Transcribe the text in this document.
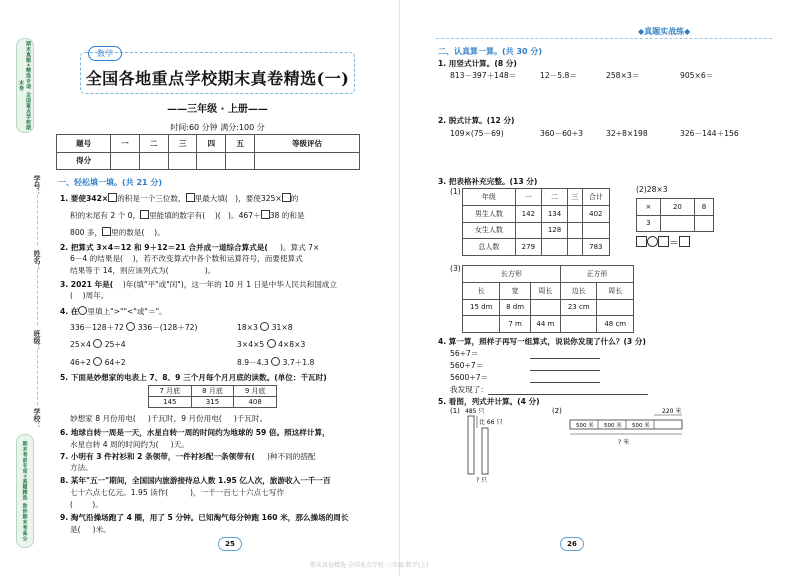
期末真题+精选专项 全国重点学校期末卷
学号：
姓名：
班级：
学校：
期末考前专项+真题精选 助你期末考高分
数学
全国各地重点学校期末真卷精选(一)
——三年级 · 上册——
时间:60 分钟 满分:100 分
题号	一	二	三	四	五	等级评估
得分						
一、轻松填一填。(共 21 分)
1. 要使342× 的积是一个三位数， 里最大填( )，要使325× 的
积的末尾有 2 个 0， 里能填的数字有( )( )。467＋ 38 的和是
800 多， 里的数是( )。
2. 把算式 3×4＝12 和 9＋12＝21 合并成一道综合算式是( )。算式 7×
6－4 的结果是( )，若不改变算式中各个数和运算符号，而要使算式
结果等于 14，则应该列式为(	)。
3. 2021 年是( )年(填"平"或"闰")，这一年的 10 月 1 日是中华人民共和国成立
( )周年。
4. 在 里填上">""<"或"＝"。
336－128＋72 336－(128＋72)	18×3 31×8
25×4 25÷4	3×4×5 4×8×3
46÷2 64÷2	8.9－4.3 3.7＋1.8
5. 下面是妙想家的电表上 7、8、9 三个月每个月月底的读数。(单位：千瓦时)
7 月底	8 月底	9 月底
145	315	408
妙想家 8 月份用电( )千瓦时，9 月份用电( )千瓦时。
6. 地球自转一周是一天，水星自转一周的时间约为地球的 59 倍。照这样计算，
水星自转 4 周的时间约为( )天。
7. 小明有 3 件衬衫和 2 条领带，一件衬衫配一条领带有( )种不同的搭配
方法。
8. 某年"五一"期间，全国国内旅游接待总人数 1.95 亿人次，旅游收入一千一百
七十六点七亿元。1.95 读作(	)，一千一百七十六点七写作
(	)。
9. 淘气沿操场跑了 4 圈，用了 5 分钟。已知淘气每分钟跑 160 米，那么操场的周长
是( )米。
25
期末真卷精选·全国重点学校·三年级·数学(上)
◆真题实战练◆
二、认真算一算。(共 30 分)
1. 用竖式计算。(8 分)
813－397＋148＝	12－5.8＝	258×3＝	905×6＝
2. 脱式计算。(12 分)
109×(75－69)	360－60÷3	32÷8×198	326－144＋156
3. 把表格补充完整。(13 分)
(1)
年级	一	二	三	合计
男生人数	142	134		402
女生人数		128		
总人数	279			783
(2)28×3
×	20	8
3		
＝
(3)
长方形			正方形	
长	宽	周长	边长	周长
15 dm	8 dm		23 cm	
	7 m	44 m		48 cm
4. 算一算，照样子再写一组算式，说说你发现了什么？(3 分)
56÷7＝
560÷7＝
5600÷7＝
我发现了：
5. 看图，列式并计算。(4 分)
(1) 485 只
比 66 只
? 只
(2)	220 米
500 米 500 米 500 米
? 米
26
